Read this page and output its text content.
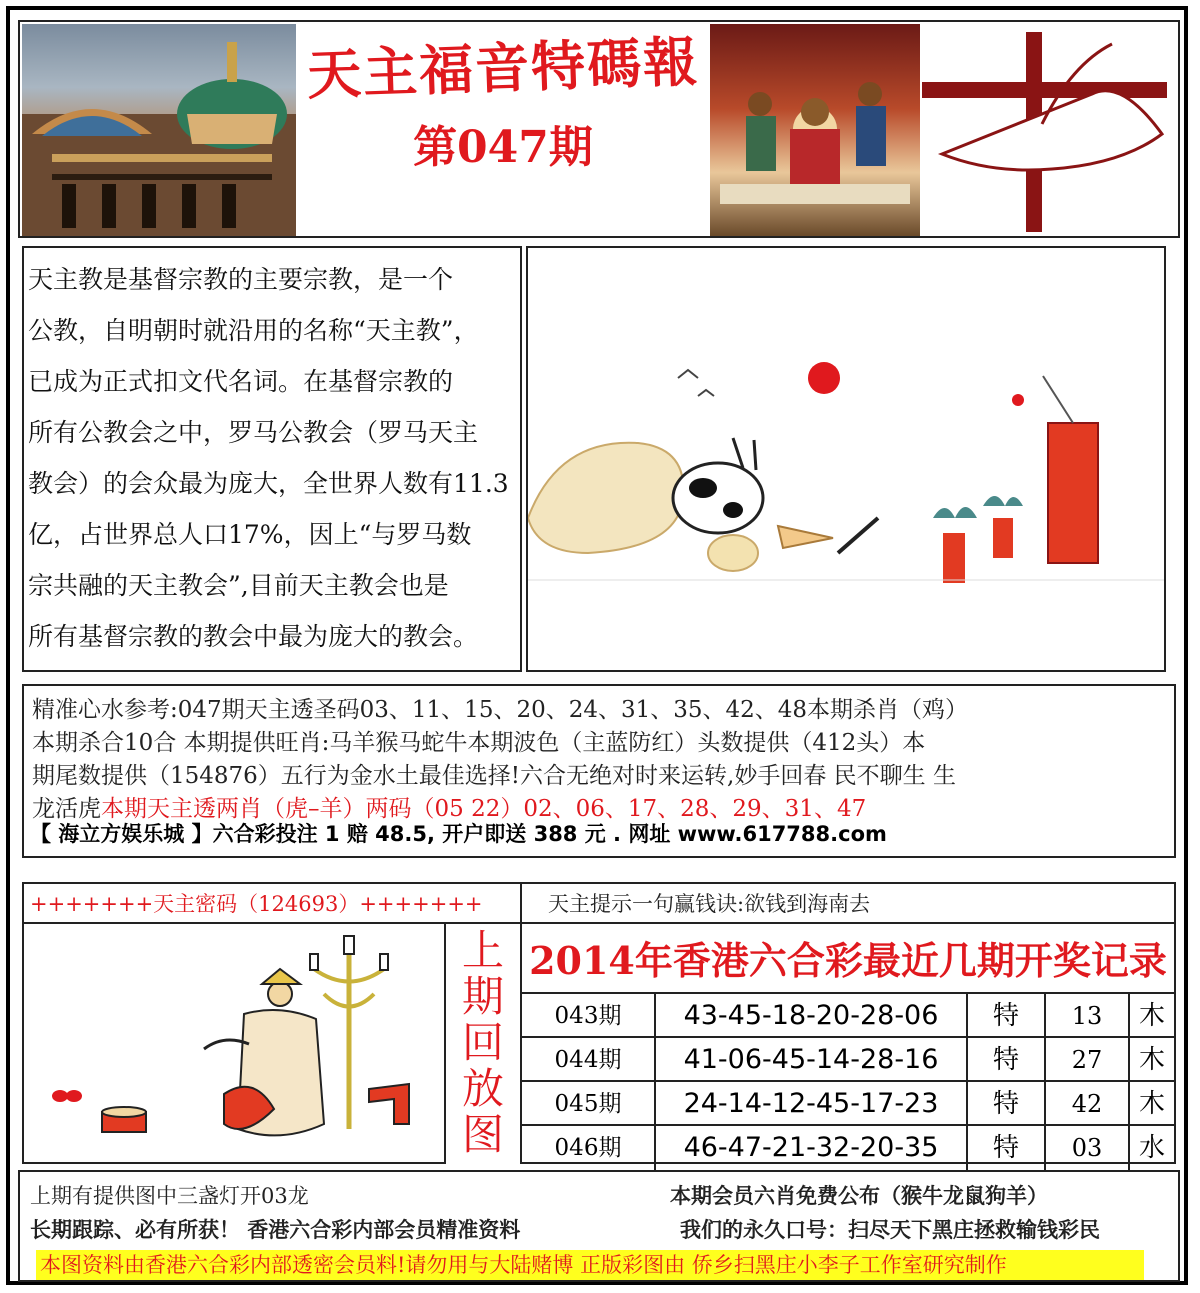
天主福音特碼報
第047期

天主教是基督宗教的主要宗教，是一个

公教，自明朝时就沿用的名称“天主教”，

已成为正式扣文代名词。在基督宗教的

所有公教会之中，罗马公教会（罗马天主

教会）的会众最为庞大，全世界人数有11.3

亿，占世界总人口17%，因上“与罗马数

宗共融的天主教会”,目前天主教会也是

所有基督宗教的教会中最为庞大的教会。

精准心水参考:047期天主透圣码03、11、15、20、24、31、35、42、48本期杀肖（鸡）
本期杀合10合 本期提供旺肖:马羊猴马蛇牛本期波色（主蓝防红）头数提供（412头）本
期尾数提供（154876）五行为金水土最佳选择!六合无绝对时来运转,妙手回春 民不聊生 生
龙活虎本期天主透两肖（虎–羊）两码（05 22）02、06、17、28、29、31、47
【 海立方娱乐城 】六合彩投注 1 赔 48.5, 开户即送 388 元 . 网址 www.617788.com
+++++++天主密码（124693）+++++++	天主提示一句赢钱诀:欲钱到海南去
上
期
回
放
图
2014年香港六合彩最近几期开奖记录
043期	43-45-18-20-28-06	特	13	木
044期	41-06-45-14-28-16	特	27	木
045期	24-14-12-45-17-23	特	42	木
046期	46-47-21-32-20-35	特	03	水
上期有提供图中三盏灯开03龙	本期会员六肖免费公布（猴牛龙鼠狗羊）
长期跟踪、必有所获！ 香港六合彩内部会员精准资料	我们的永久口号：扫尽天下黑庄拯救输钱彩民
本图资料由香港六合彩内部透密会员料!请勿用与大陆赌博 正版彩图由 侨乡扫黑庄小李子工作室研究制作
